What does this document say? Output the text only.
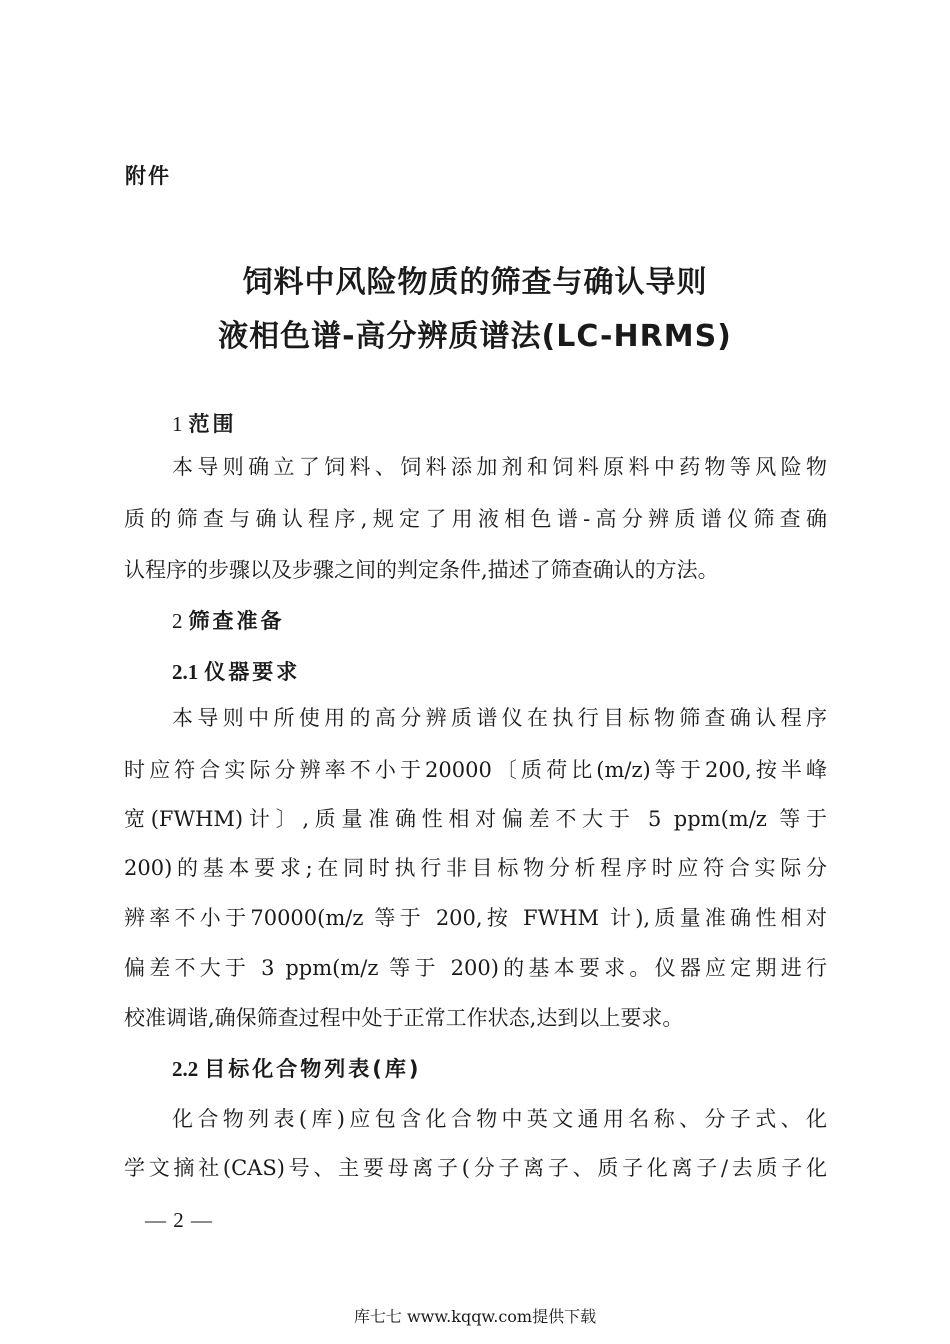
附件
饲料中风险物质的筛查与确认导则
液相色谱-高分辨质谱法(LC-HRMS)
1 范围
本导则确立了饲料、饲料添加剂和饲料原料中药物等风险物
质的筛查与确认程序,规定了用液相色谱-高分辨质谱仪筛查确
认程序的步骤以及步骤之间的判定条件,描述了筛查确认的方法。
2 筛查准备
2.1 仪器要求
本导则中所使用的高分辨质谱仪在执行目标物筛查确认程序
时应符合实际分辨率不小于20000〔质荷比(m/z)等于200,按半峰
宽(FWHM)计〕,质量准确性相对偏差不大于 5 ppm(m/z 等于
200)的基本要求;在同时执行非目标物分析程序时应符合实际分
辨率不小于70000(m/z 等于 200,按 FWHM 计),质量准确性相对
偏差不大于 3 ppm(m/z 等于 200)的基本要求。仪器应定期进行
校准调谐,确保筛查过程中处于正常工作状态,达到以上要求。
2.2 目标化合物列表(库)
化合物列表(库)应包含化合物中英文通用名称、分子式、化
学文摘社(CAS)号、主要母离子(分子离子、质子化离子/去质子化
— 2 —
库七七 www.kqqw.com提供下载
